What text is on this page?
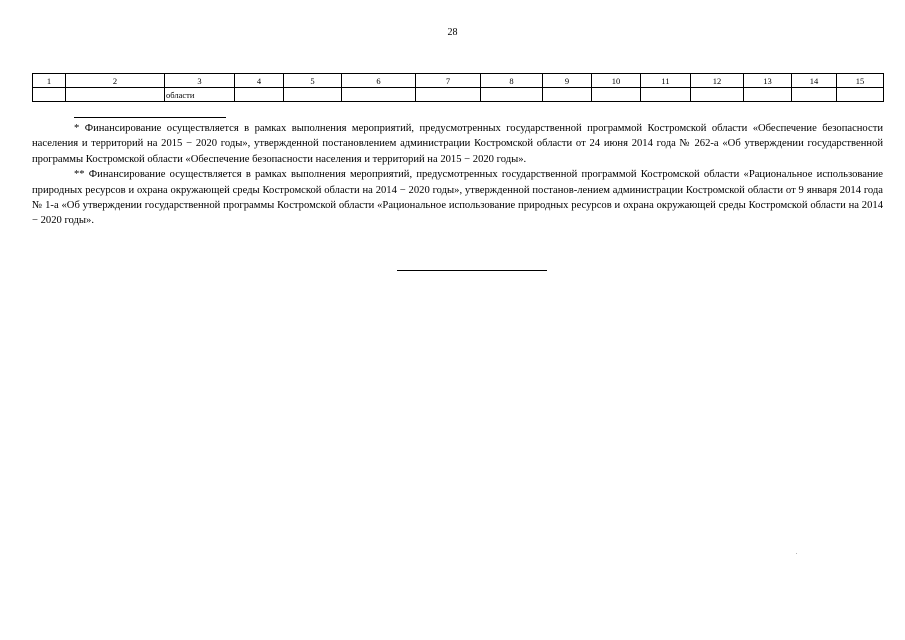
28
1	2	3	4	5	6	7	8	9	10	11	12	13	14	15
		области												

* Финансирование осуществляется в рамках выполнения мероприятий, предусмотренных государственной программой Костромской области «Обеспечение безопасности населения и территорий на 2015 − 2020 годы», утвержденной постановлением администрации Костромской области от 24 июня 2014 года № 262-а «Об утверждении государственной программы Костромской области «Обеспечение безопасности населения и территорий на 2015 − 2020 годы».

** Финансирование осуществляется в рамках выполнения мероприятий, предусмотренных государственной программой Костромской области «Рациональное использование природных ресурсов и охрана окружающей среды Костромской области на 2014 − 2020 годы», утвержденной постанов-лением администрации Костромской области от 9 января 2014 года № 1-а «Об утверждении государственной программы Костромской области «Рациональное использование природных ресурсов и охрана окружающей среды Костромской области на 2014 − 2020 годы».
